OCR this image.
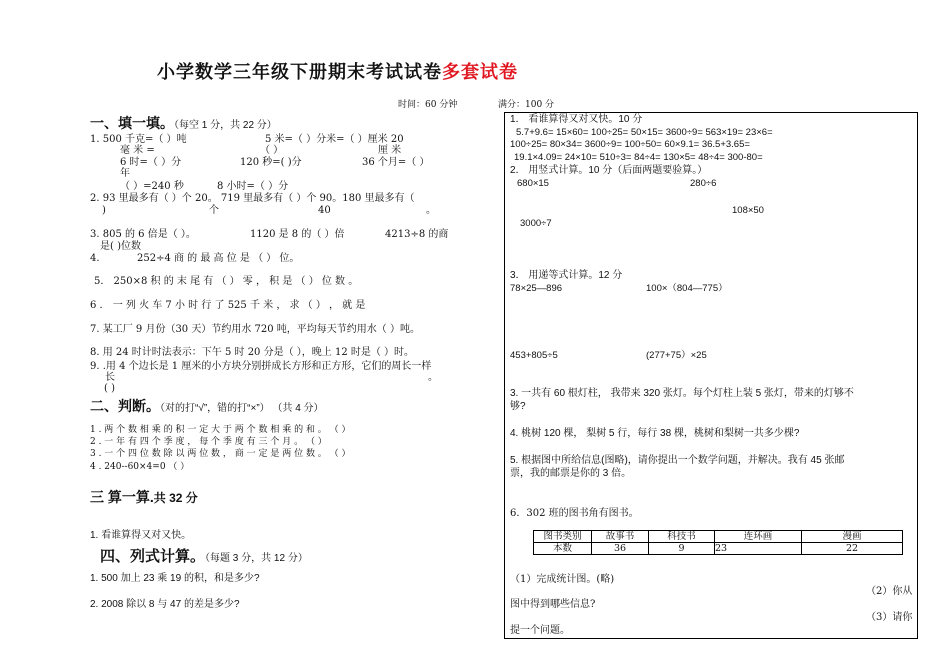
小学数学三年级下册期末考试试卷多套试卷
时间：60 分钟	满分：100 分
一、填一填。（每空 1 分，共 22 分）
1. 500 千克=（ ）吨	5 米=（ ）分米=（ ）厘米 20
毫 米 =	（ ）	厘 米
6 时=（ ）分	120 秒=( )分	36 个月=（ ）
年
（ ）=240 秒	8 小时=（ ）分
2. 93 里最多有（ ）个 20。 719 里最多有（ ）个 90。180 里最多有（
)	个	40	。
3. 805 的 6 倍是（ ）。	1120 是 8 的（ ）倍	4213÷8 的商
是( )位数
4.	252÷4 商 的 最 高 位 是 （ ） 位。
5． 250×8 积 的 末 尾 有 （ ） 零 ， 积 是 （ ） 位 数 。
6 ． 一 列 火 车 7 小 时 行 了 525 千 米 ， 求 （ ） ， 就 是
7. 某工厂 9 月份（30 天）节约用水 720 吨，平均每天节约用水（ ）吨。
8. 用 24 时计时法表示：下午 5 时 20 分是（ ），晚上 12 时是（ ）时。
9. .用 4 个边长是 1 厘米的小方块分别拼成长方形和正方形，它们的周长一样
长	。
( )
二、判断。（对的打“√”，错的打“×”） （共 4 分）
1 . 两 个 数 相 乘 的 积 一 定 大 于 两 个 数 相 乘 的 和 。 （ ）
2 . 一 年 有 四 个 季 度 ， 每 个 季 度 有 三 个 月 。 （ ）
3 . 一 个 四 位 数 除 以 两 位 数 ， 商 一 定 是 两 位 数 。 （ ）
4 . 240--60×4=0 （ ）
三 算一算.共 32 分
1. 看谁算得又对又快。
四、列式计算。（每题 3 分，共 12 分）
1. 500 加上 23 乘 19 的积，和是多少?
2. 2008 除以 8 与 47 的差是多少?
1． 看谁算得又对又快。10 分
5.7+9.6= 15×60= 100÷25= 50×15= 3600÷9= 563×19= 23×6=
100÷25= 80×34= 3600÷9= 100÷50= 60×9.1= 36.5+3.65=
19.1×4.09= 24×10= 510÷3= 84÷4= 130×5= 48÷4= 300-80=
2． 用竖式计算。10 分（后面两题要验算。）
680×15	280÷6
108×50
3000÷7
3． 用递等式计算。12 分
78×25—896	100×（804—775）
453+805÷5	(277+75）×25
3. 一共有 60 根灯柱， 我带来 320 张灯。每个灯柱上装 5 张灯，带来的灯够不
够?
4. 桃树 120 棵， 梨树 5 行，每行 38 棵，桃树和梨树一共多少棵?
5. 根据图中所给信息(图略)，请你提出一个数学问题，并解决。我有 45 张邮
票，我的邮票是你的 3 倍。
6．302 班的图书角有图书。
图书类别	故事书	科技书	连环画	漫画
本数	36	9	23	22
（1）完成统计图。(略)
（2）你从
图中得到哪些信息?
（3）请你
提一个问题。
